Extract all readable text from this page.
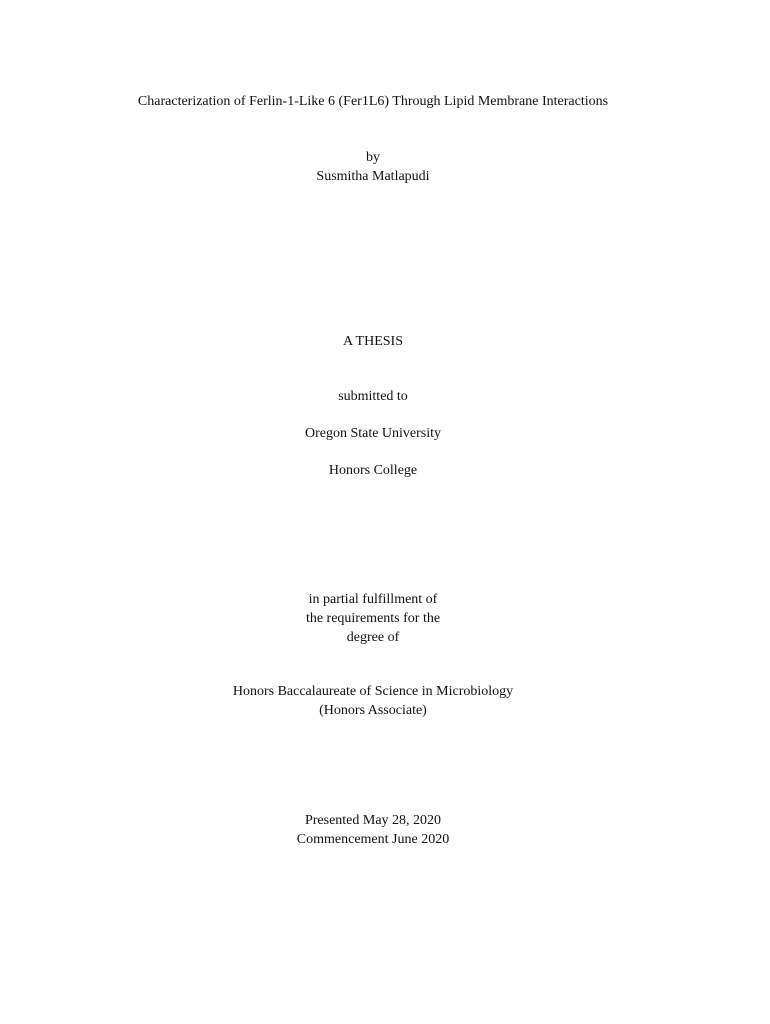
Characterization of Ferlin-1-Like 6 (Fer1L6) Through Lipid Membrane Interactions
by
Susmitha Matlapudi
A THESIS
submitted to
Oregon State University
Honors College
in partial fulfillment of
the requirements for the
degree of
Honors Baccalaureate of Science in Microbiology
(Honors Associate)
Presented May 28, 2020
Commencement June 2020
